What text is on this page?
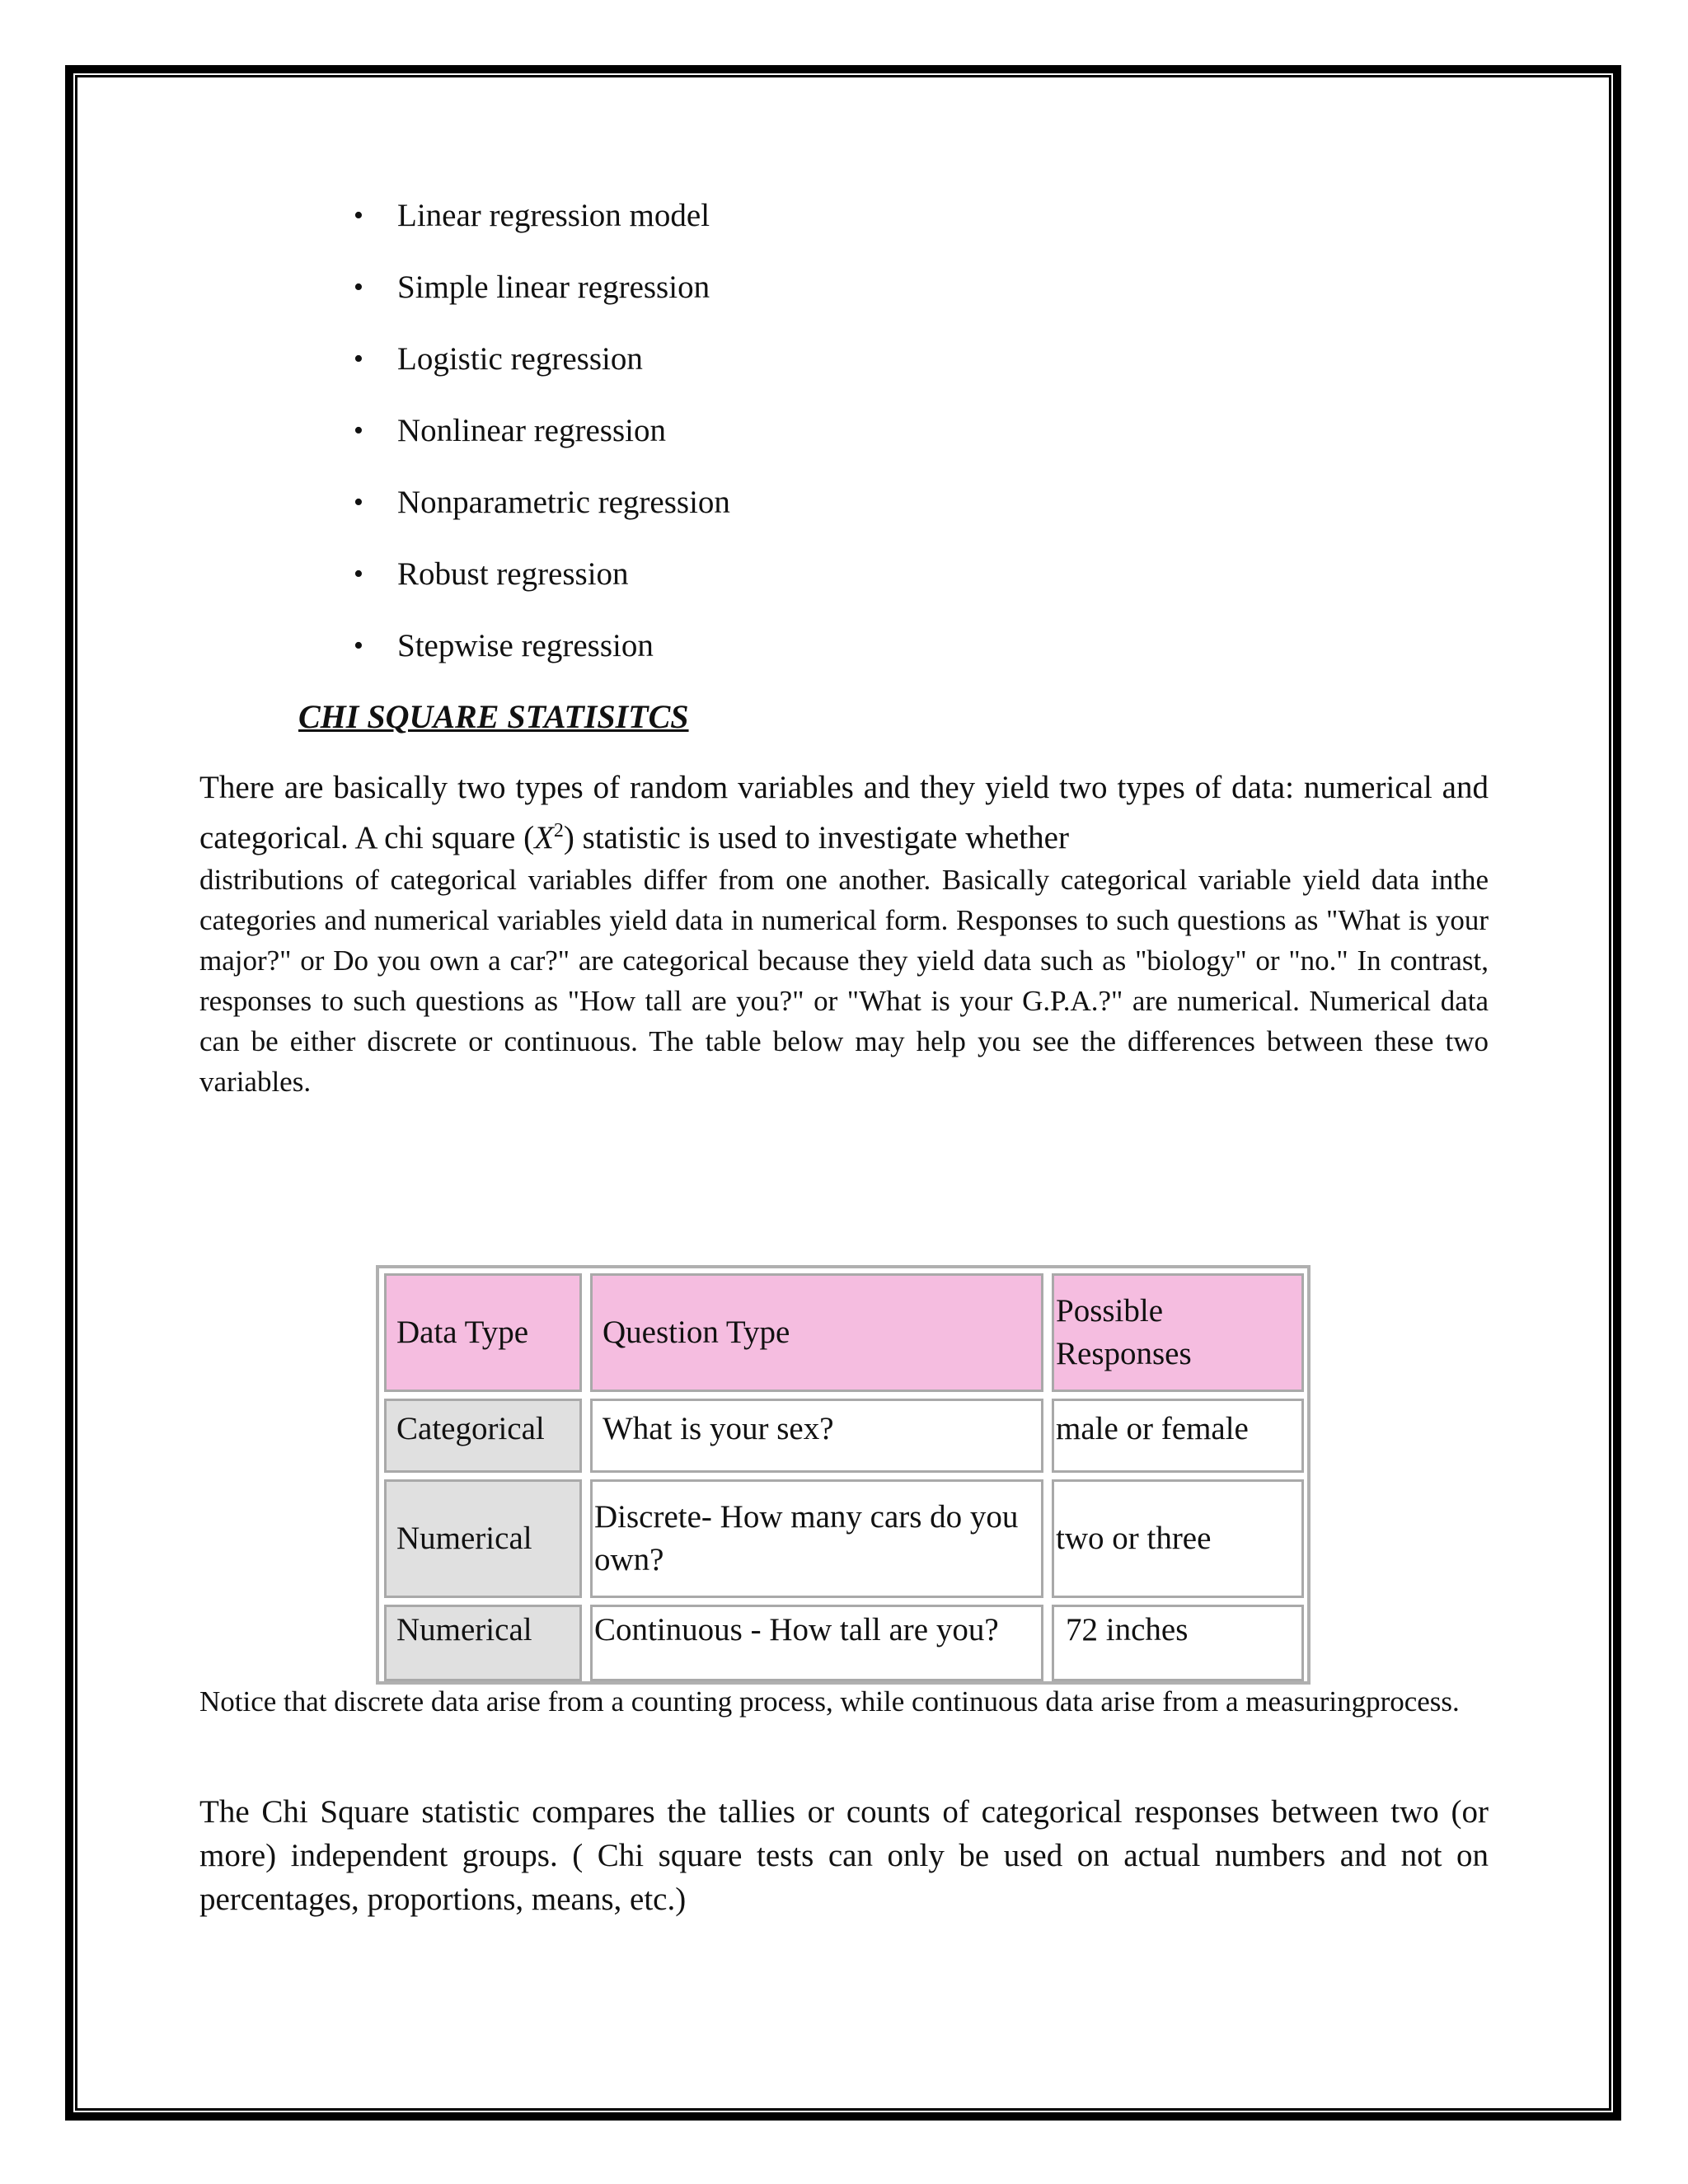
• Linear regression model
• Simple linear regression
• Logistic regression
• Nonlinear regression
• Nonparametric regression
• Robust regression
• Stepwise regression
CHI SQUARE STATISITCS
There are basically two types of random variables and they yield two types of data: numerical and categorical. A chi square $(X^2)$ statistic is used to investigate whether
distributions of categorical variables differ from one another. Basically categorical variable yield data inthe categories and numerical variables yield data in numerical form. Responses to such questions as "What is your major?" or Do you own a car?" are categorical because they yield data such as "biology" or "no." In contrast, responses to such questions as "How tall are you?" or "What is your G.P.A.?" are numerical. Numerical data can be either discrete or continuous. The table below may help you see the differences between these two variables.
Data Type Question Type
Possible Responses
Categorical What is your sex?	male or female
Numerical
Discrete- How many cars do you own?
two or three
Numerical Continuous - How tall are you? 72 inches

Notice that discrete data arise from a counting process, while continuous data arise from a measuringprocess.

The Chi Square statistic compares the tallies or counts of categorical responses between two (or more) independent groups. ( Chi square tests can only be used on actual numbers and not on percentages, proportions, means, etc.)
